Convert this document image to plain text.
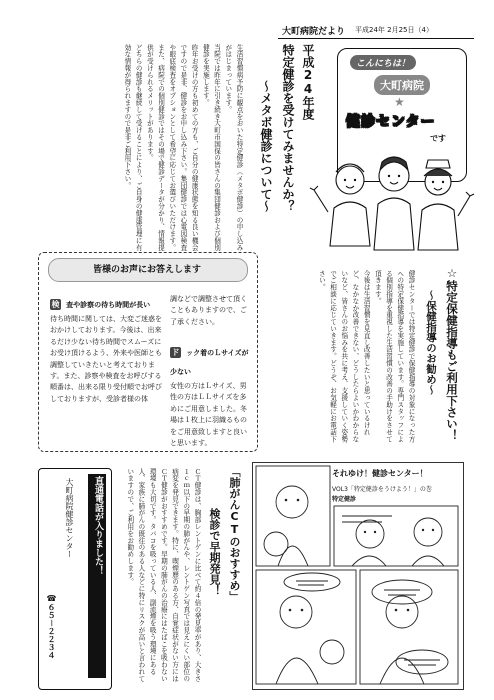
大町病院だより 平成24年 2月25日（4）
こんにちは！
大町病院
★
健診センター
です
平成24年度
特定健診を受けてみませんか？
～メタボ健診について～
生活習慣病予防に観点をおいた特定健診（メタボ健診）の申し込みがはじまっています。
当院では昨年に引き続き大町市国保の皆さんの集団健診および個別健診を実施します。
昨年お受けの方も初めての方も、ご自分の健康状態を知る良い機会ですので是非、健診をお申し込み下さい。集団健診では心電図検査や眼底検査をオプションとして希望に応じてお選びいただけます。また、病院での個別健診ではその場で健診データが分かり、情報提供が受けられるメリットがあります。
どちらの健診も継続して受けることにより、ご自身の健康管理に有効な情報が得られますので是非ご利用下さい。
☆特定保健指導もご利用下さい！
～保健指導のお勧め～
健診センターでは特定健診で保健指導の対象になった方への特定保健指導を実施しています。専門スタッフによる個別指導を重視した生活習慣の改善の手助けをさせて頂きます。
今後は生活習慣を見直し改善したいと思っているけれど、なかなか改善できない、どうしたらよいかわからないなど、皆さんのお悩みを共に考え、支援していく姿勢でご相談に応じていきます。どうぞ、お気軽にお電話下さい。
皆様のお声にお答えします
検 査や診察の待ち時間が長い
待ち時間に関しては、大変ご迷惑をおかけしております。今後は、出来るだけ少ない待ち時間でスムーズにお受け頂けるよう、外来や医師とも調整していきたいと考えております。また、診察や検査をお呼びする順番は、出来る限り受付順でお呼びしておりますが、受診者様の体
調などで調整させて頂くこともありますので、ご了承ください。
ド ック着のＬサイズが少ない
女性の方はＬサイズ、男性の方はＬＬサイズを多めにご用意しました。冬場は１枚上に羽織るものをご用意致しますと良いと思います。
直通電話が入りました！
大町病院健診センター
☎６５－２２３４
「肺がんCTのおすすめ」
検診で早期発見！
ＣＴ健診は、胸部レントゲンに比べて約４倍の発見率があり、大きさ１ｃｍ以下の早期の肺がんや、レントゲン写真では見えにくい部位の病変を発見できます。特に、喫煙歴のある方、自覚症状がない方にはＣＴ健診がおすすめです。早期の肺がんの治療にはたばこを吸わない環境も大切です。タバコを吸っている人、副流煙を吸う環境にある人、家族に肺がんの既往のある人などに特にリスクが高いと言われていますので、ご利用をお勧めします。	それゆけ！健診センター！
VOL3「特定健診をうけよう！」の巻
特定健診
